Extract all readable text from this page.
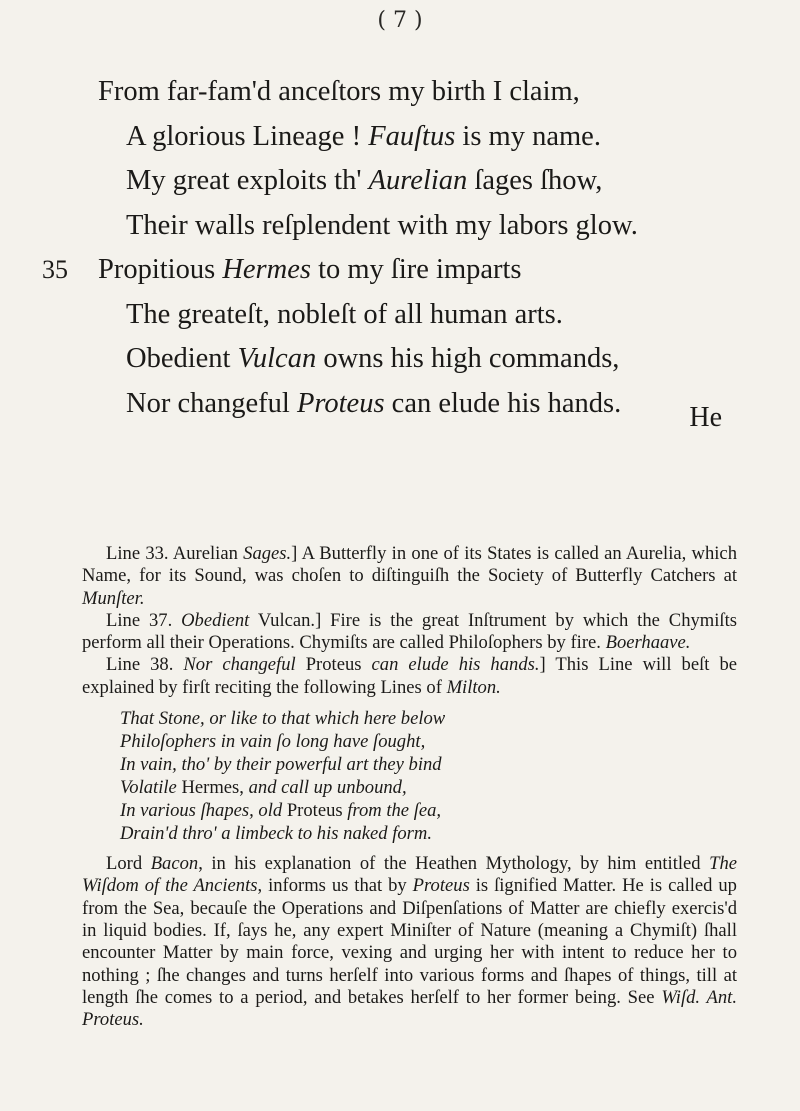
( 7 )
From far-fam'd anceſtors my birth I claim,
A glorious Lineage ! Fauſtus is my name.
My great exploits th' Aurelian ſages ſhow,
Their walls reſplendent with my labors glow.
35 Propitious Hermes to my ſire imparts
The greateſt, nobleſt of all human arts.
Obedient Vulcan owns his high commands,
Nor changeful Proteus can elude his hands.	He

Line 33. Aurelian Sages.] A Butterfly in one of its States is called an Aurelia, which Name, for its Sound, was choſen to diſtinguiſh the Society of Butterfly Catchers at Munſter.

Line 37. Obedient Vulcan.] Fire is the great Inſtrument by which the Chymiſts perform all their Operations. Chymiſts are called Philoſophers by fire. Boerhaave.

Line 38. Nor changeful Proteus can elude his hands.] This Line will beſt be explained by firſt reciting the following Lines of Milton.

That Stone, or like to that which here below
Philoſophers in vain ſo long have ſought,
In vain, tho' by their powerful art they bind
Volatile Hermes, and call up unbound,
In various ſhapes, old Proteus from the ſea,
Drain'd thro' a limbeck to his naked form.

Lord Bacon, in his explanation of the Heathen Mythology, by him entitled The Wiſdom of the Ancients, informs us that by Proteus is ſignified Matter. He is called up from the Sea, becauſe the Operations and Diſpenſations of Matter are chiefly exercis'd in liquid bodies. If, ſays he, any expert Miniſter of Nature (meaning a Chymiſt) ſhall encounter Matter by main force, vexing and urging her with intent to reduce her to nothing ; ſhe changes and turns herſelf into various forms and ſhapes of things, till at length ſhe comes to a period, and betakes herſelf to her former being. See Wiſd. Ant. Proteus.
